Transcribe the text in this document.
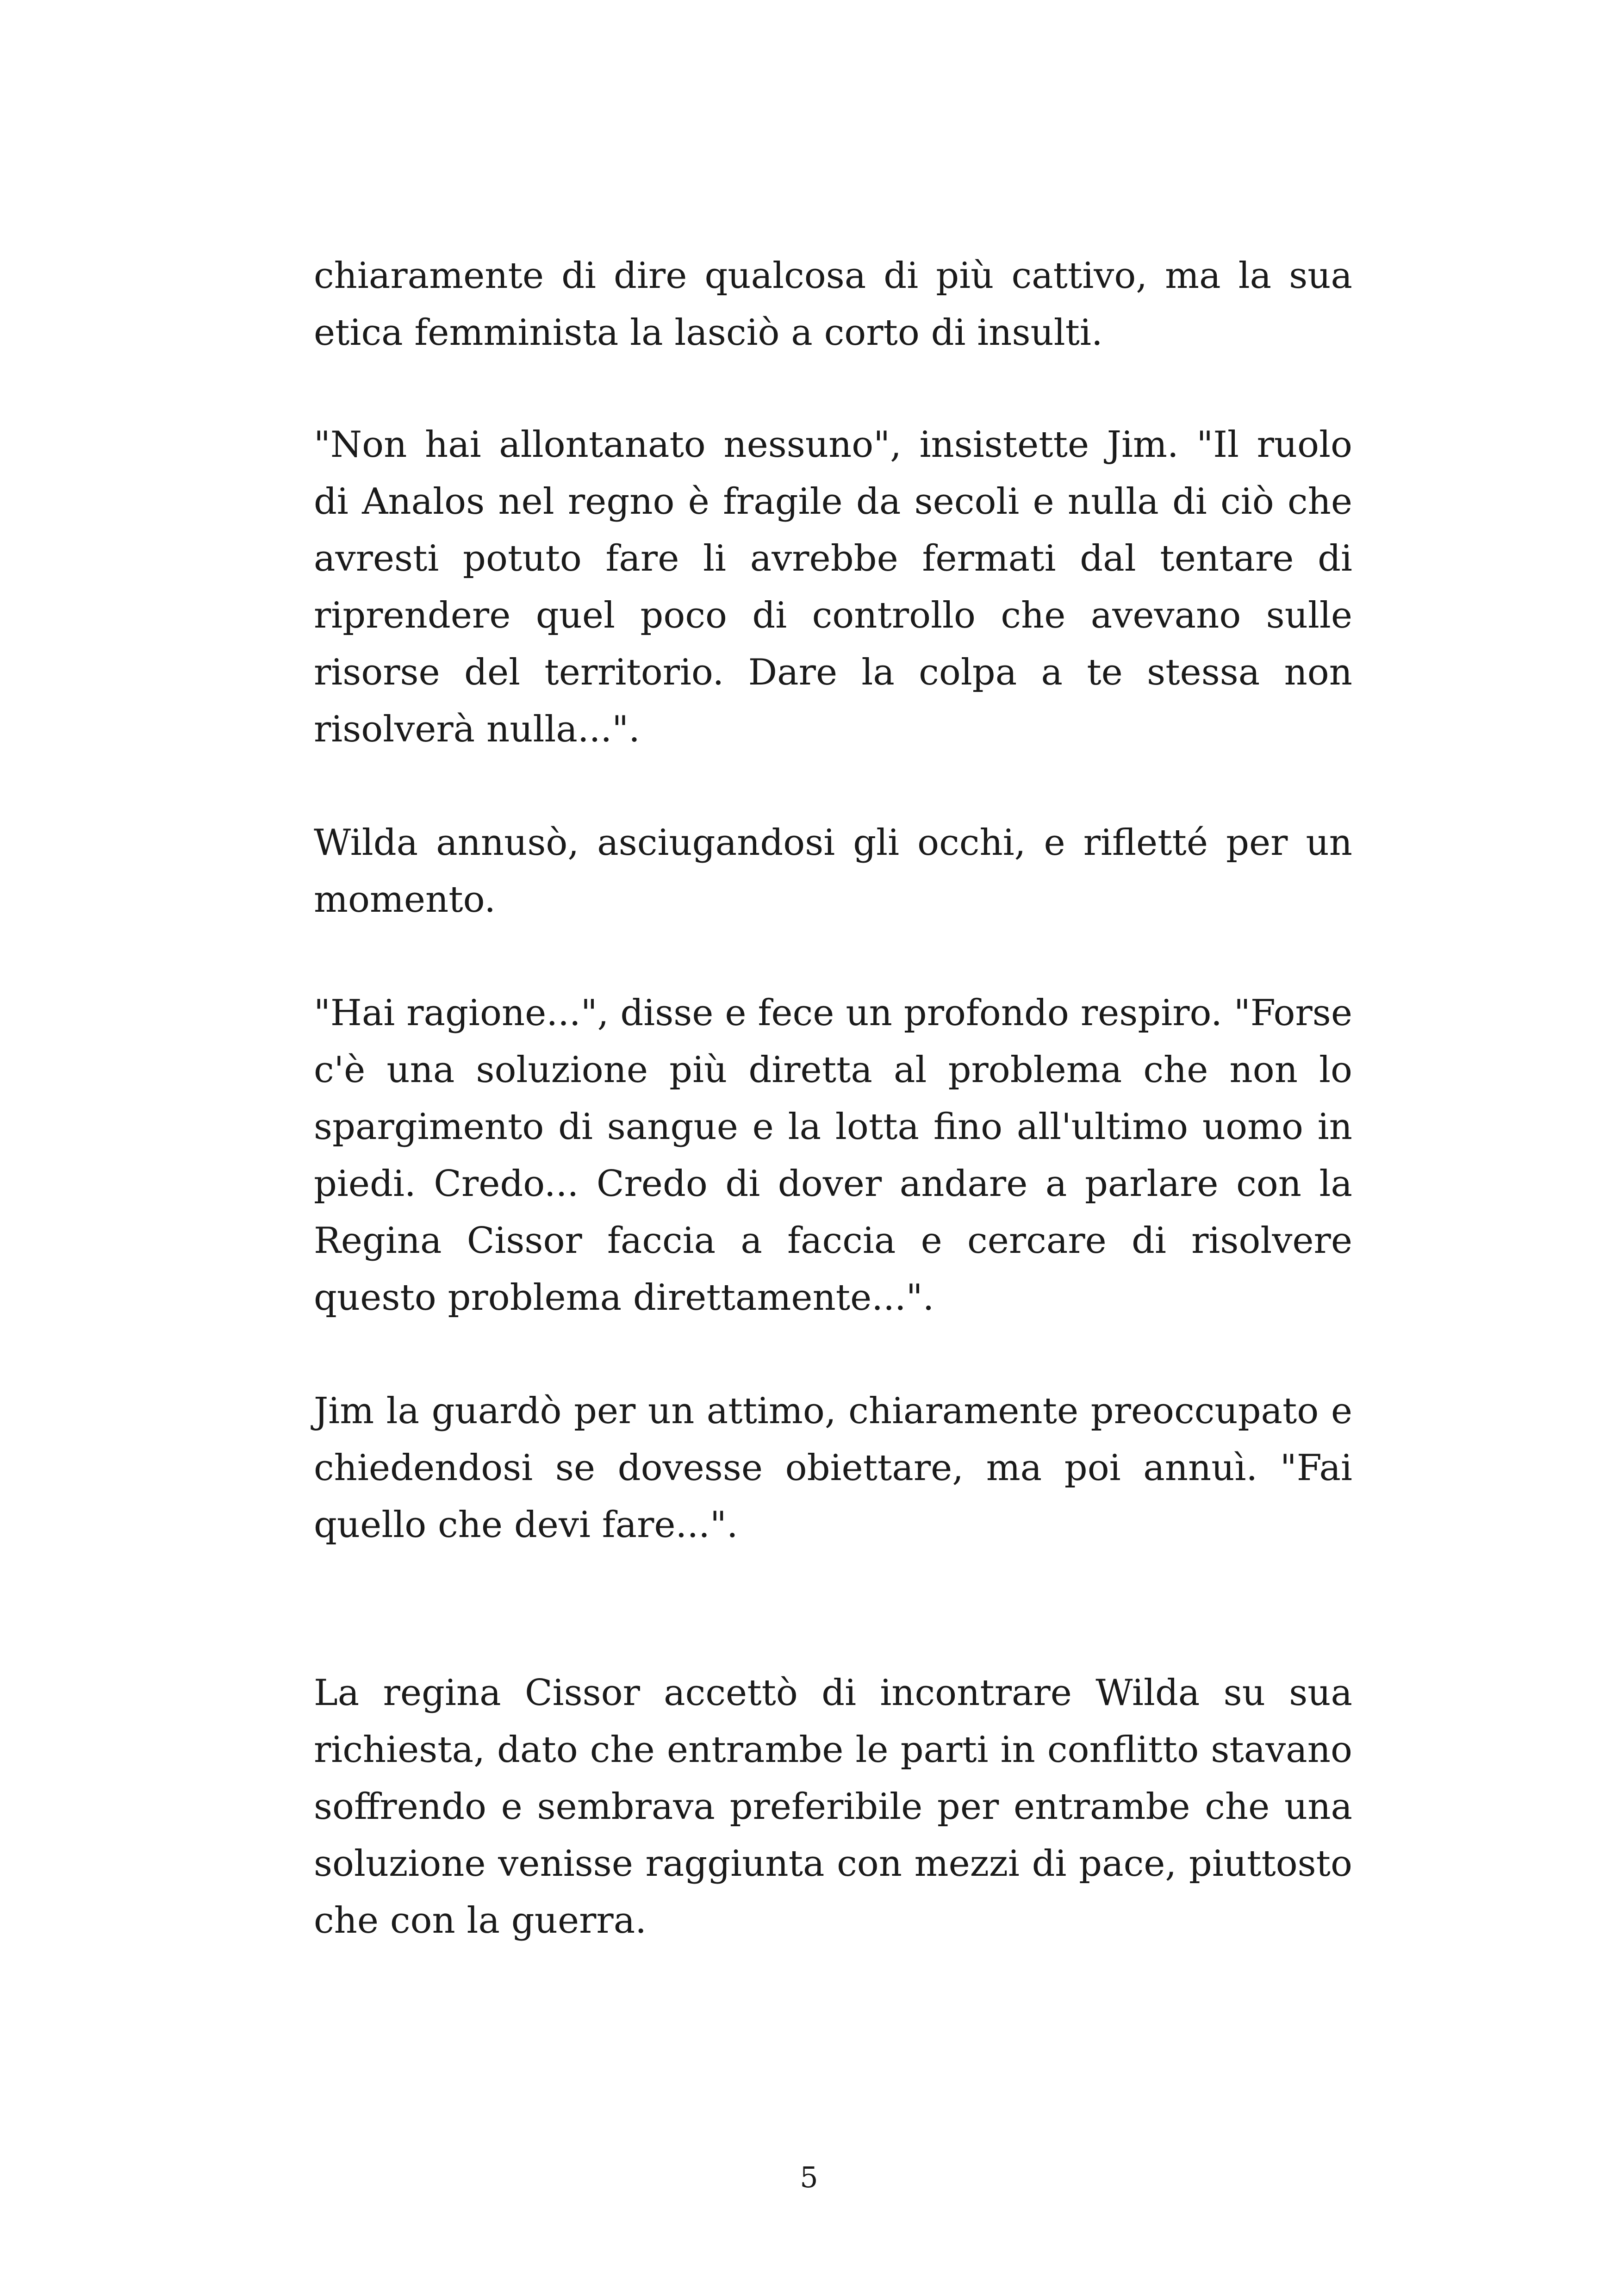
chiaramente di dire qualcosa di più cattivo, ma la sua etica femminista la lasciò a corto di insulti.

"Non hai allontanato nessuno", insistette Jim. "Il ruolo di Analos nel regno è fragile da secoli e nulla di ciò che avresti potuto fare li avrebbe fermati dal tentare di riprendere quel poco di controllo che avevano sulle risorse del territorio. Dare la colpa a te stessa non risolverà nulla...".

Wilda annusò, asciugandosi gli occhi, e rifletté per un momento.

"Hai ragione...", disse e fece un profondo respiro. "Forse c'è una soluzione più diretta al problema che non lo spargimento di sangue e la lotta fino all'ultimo uomo in piedi. Credo... Credo di dover andare a parlare con la Regina Cissor faccia a faccia e cercare di risolvere questo problema direttamente...".

Jim la guardò per un attimo, chiaramente preoccupato e chiedendosi se dovesse obiettare, ma poi annuì. "Fai quello che devi fare...".

La regina Cissor accettò di incontrare Wilda su sua richiesta, dato che entrambe le parti in conflitto stavano soffrendo e sembrava preferibile per entrambe che una soluzione venisse raggiunta con mezzi di pace, piuttosto che con la guerra.

5
